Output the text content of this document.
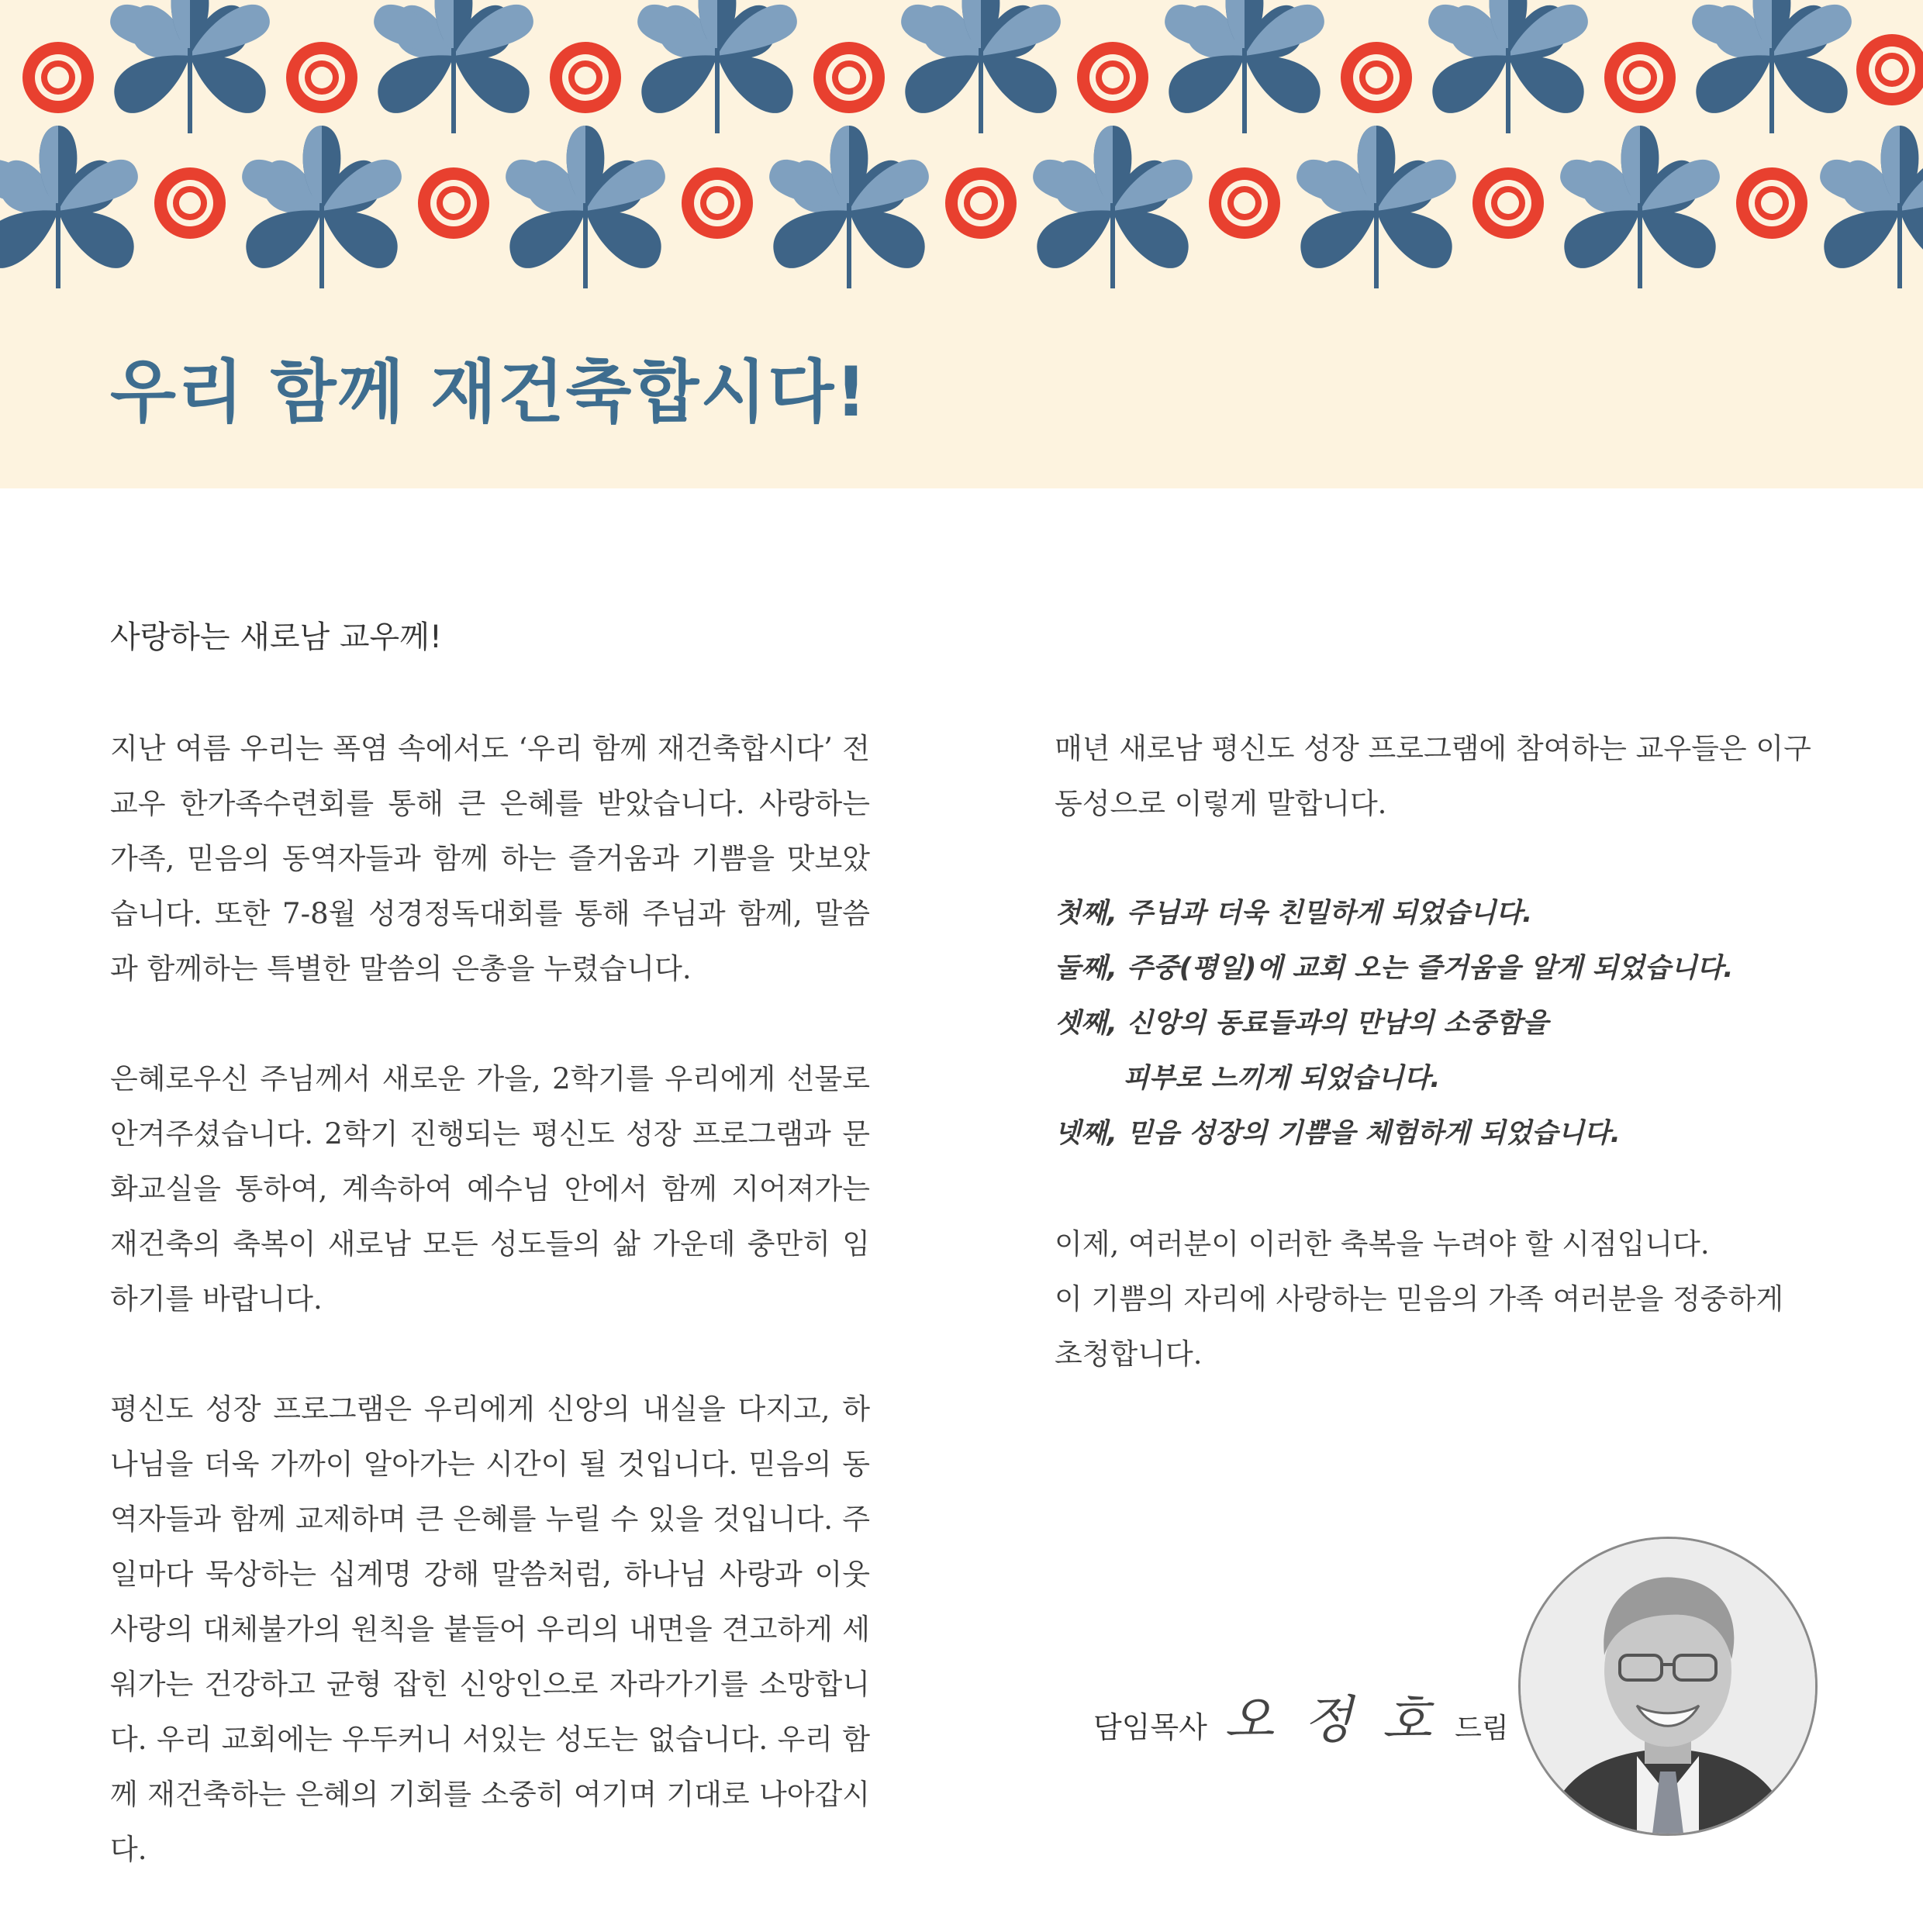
우리 함께 재건축합시다!

사랑하는 새로남 교우께!

지난 여름 우리는 폭염 속에서도 ‘우리 함께 재건축합시다’ 전교우 한가족수련회를 통해 큰 은혜를 받았습니다. 사랑하는 가족, 믿음의 동역자들과 함께 하는 즐거움과 기쁨을 맛보았습니다. 또한 7-8월 성경정독대회를 통해 주님과 함께, 말씀과 함께하는 특별한 말씀의 은총을 누렸습니다.

은혜로우신 주님께서 새로운 가을, 2학기를 우리에게 선물로 안겨주셨습니다. 2학기 진행되는 평신도 성장 프로그램과 문화교실을 통하여, 계속하여 예수님 안에서 함께 지어져가는 재건축의 축복이 새로남 모든 성도들의 삶 가운데 충만히 임하기를 바랍니다.

평신도 성장 프로그램은 우리에게 신앙의 내실을 다지고, 하나님을 더욱 가까이 알아가는 시간이 될 것입니다. 믿음의 동역자들과 함께 교제하며 큰 은혜를 누릴 수 있을 것입니다. 주일마다 묵상하는 십계명 강해 말씀처럼, 하나님 사랑과 이웃 사랑의 대체불가의 원칙을 붙들어 우리의 내면을 견고하게 세워가는 건강하고 균형 잡힌 신앙인으로 자라가기를 소망합니다. 우리 교회에는 우두커니 서있는 성도는 없습니다. 우리 함께 재건축하는 은혜의 기회를 소중히 여기며 기대로 나아갑시다.

매년 새로남 평신도 성장 프로그램에 참여하는 교우들은 이구동성으로 이렇게 말합니다.

첫째, 주님과 더욱 친밀하게 되었습니다.
둘째, 주중(평일)에 교회 오는 즐거움을 알게 되었습니다.
셋째, 신앙의 동료들과의 만남의 소중함을
피부로 느끼게 되었습니다.
넷째, 믿음 성장의 기쁨을 체험하게 되었습니다.

이제, 여러분이 이러한 축복을 누려야 할 시점입니다.

이 기쁨의 자리에 사랑하는 믿음의 가족 여러분을 정중하게 초청합니다.

담임목사 오정호
드림
